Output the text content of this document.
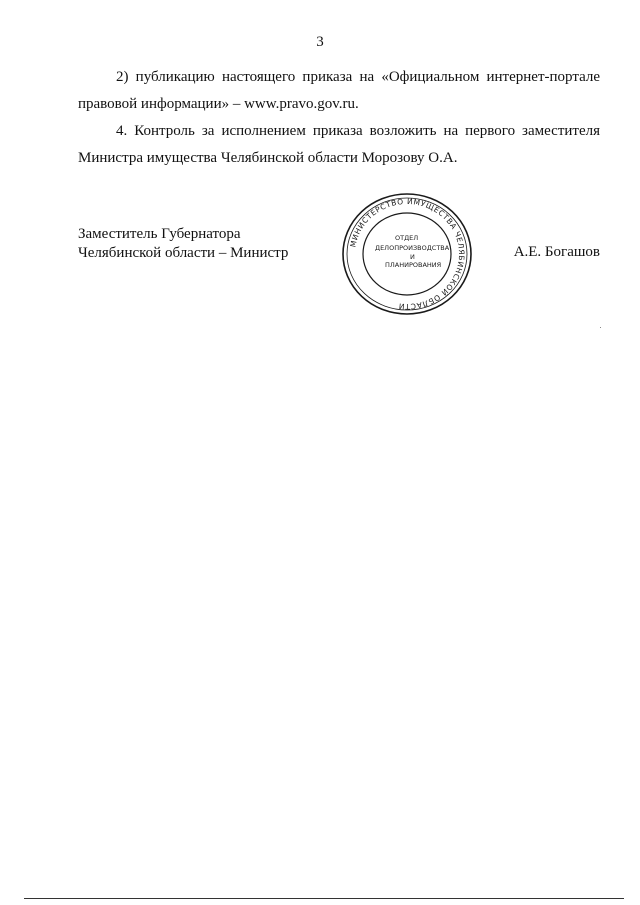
3
2) публикацию настоящего приказа на «Официальном интернет-портале
правовой информации» – www.pravo.gov.ru.
4. Контроль за исполнением приказа возложить на первого заместителя
Министра имущества Челябинской области Морозову О.А.
Заместитель Губернатора
Челябинской области – Министр
МИНИСТЕРСТВО ИМУЩЕСТВА ЧЕЛЯБИНСКОЙ ОБЛАСТИ
ОТДЕЛ
ДЕЛОПРОИЗВОДСТВА
И
ПЛАНИРОВАНИЯ
А.Е. Богашов
